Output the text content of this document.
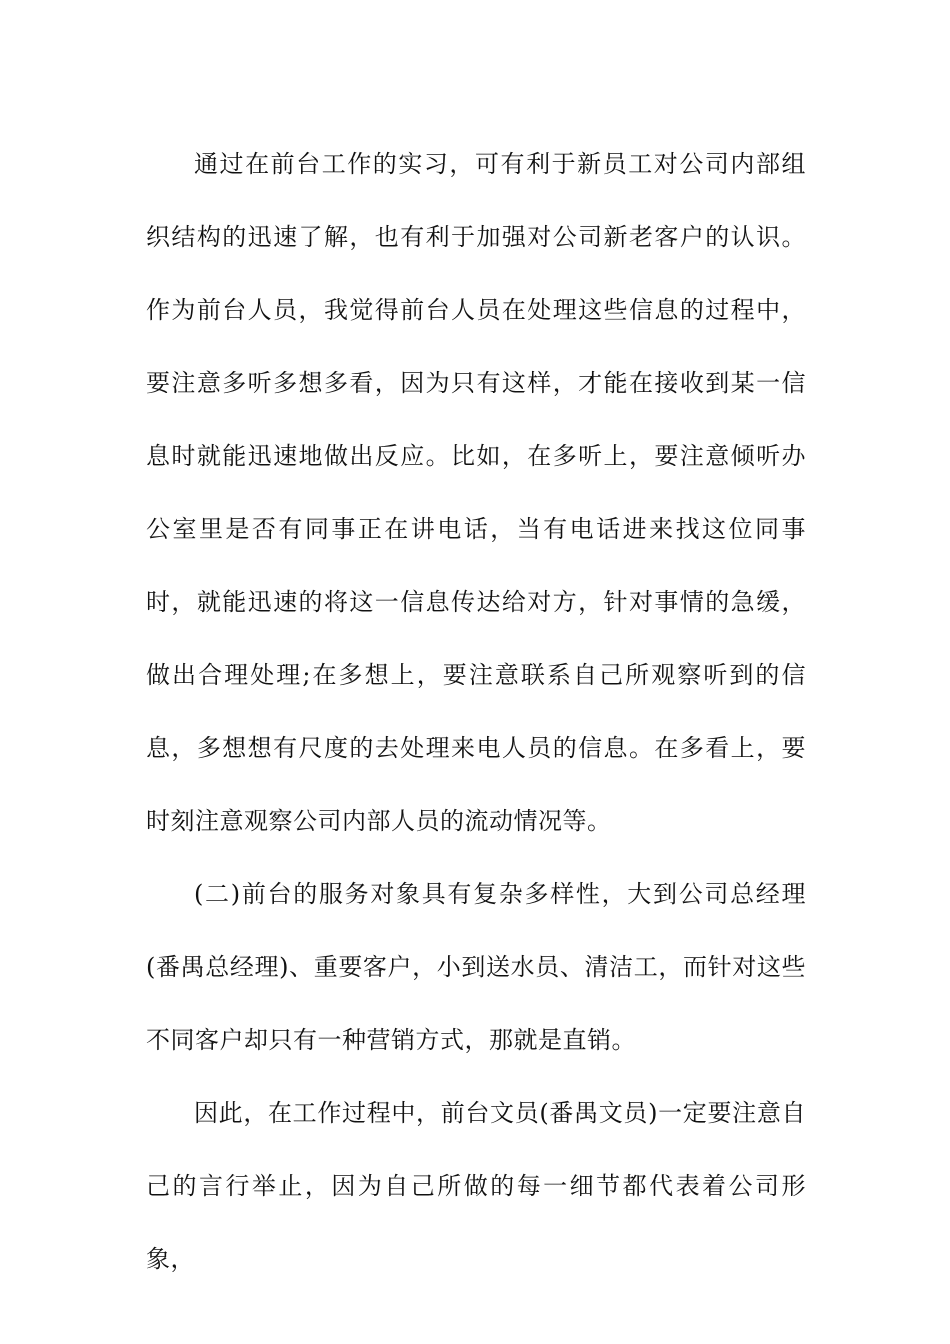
通过在前台工作的实习，可有利于新员工对公司内部组织结构的迅速了解，也有利于加强对公司新老客户的认识。作为前台人员，我觉得前台人员在处理这些信息的过程中，要注意多听多想多看，因为只有这样，才能在接收到某一信息时就能迅速地做出反应。比如，在多听上，要注意倾听办公室里是否有同事正在讲电话，当有电话进来找这位同事时，就能迅速的将这一信息传达给对方，针对事情的急缓，做出合理处理;在多想上，要注意联系自己所观察听到的信息，多想想有尺度的去处理来电人员的信息。在多看上，要时刻注意观察公司内部人员的流动情况等。

(二)前台的服务对象具有复杂多样性，大到公司总经理(番禺总经理)、重要客户，小到送水员、清洁工，而针对这些不同客户却只有一种营销方式，那就是直销。

因此，在工作过程中，前台文员(番禺文员)一定要注意自己的言行举止，因为自己所做的每一细节都代表着公司形象，
